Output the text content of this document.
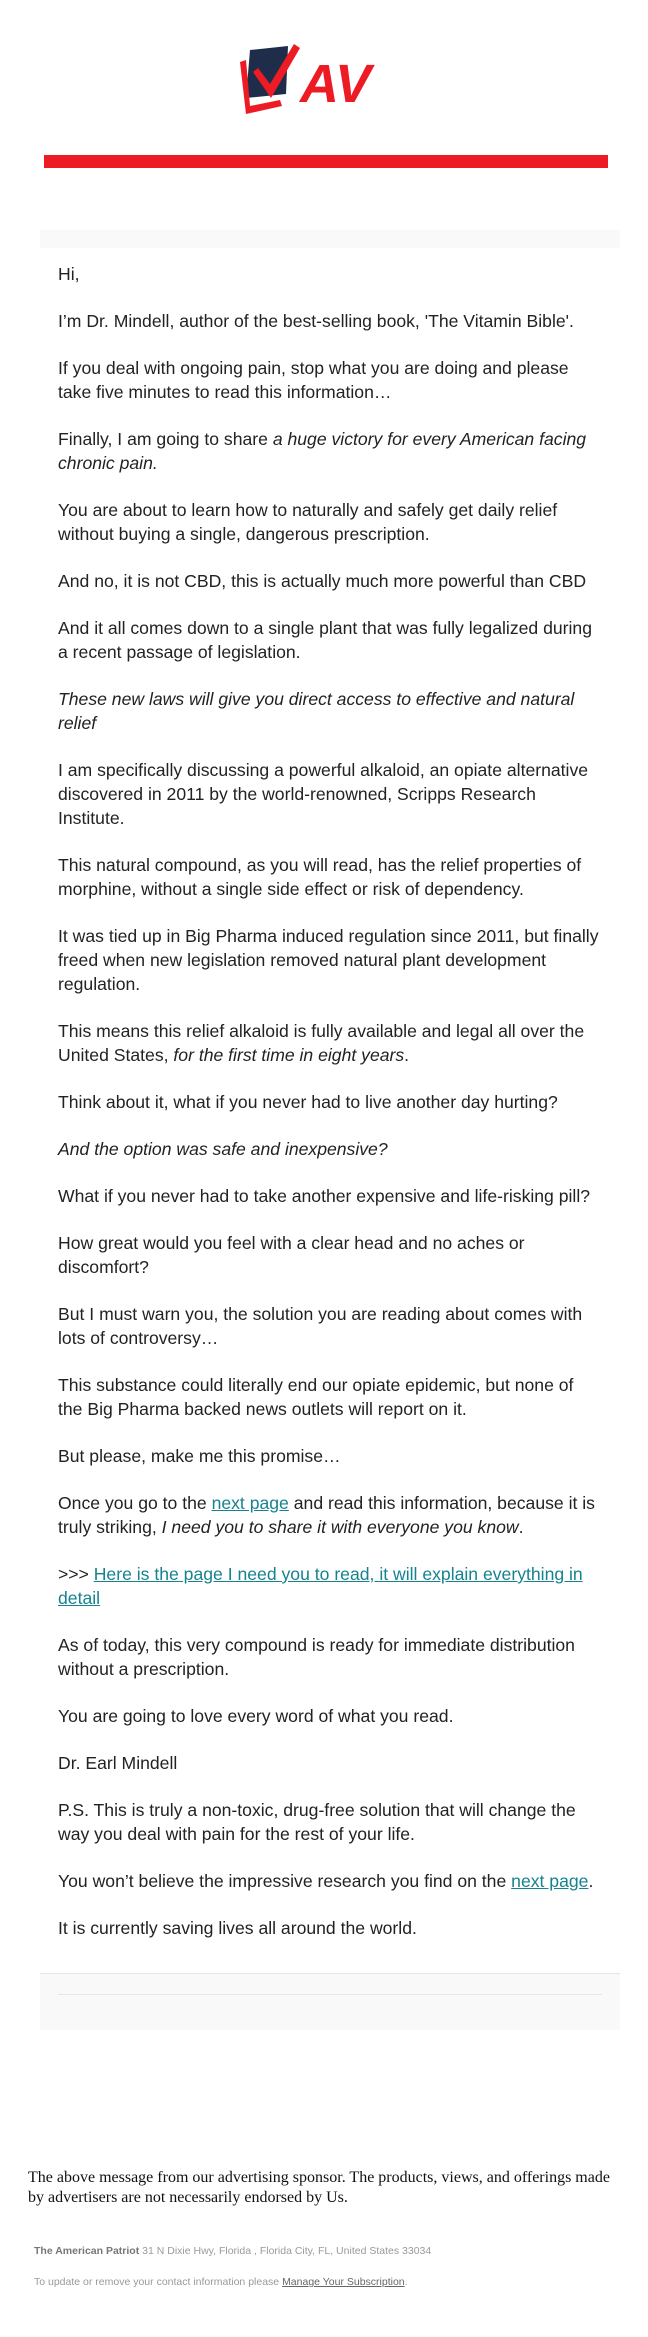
AV

Hi,

I’m Dr. Mindell, author of the best-selling book, 'The Vitamin Bible'.

If you deal with ongoing pain, stop what you are doing and please take five minutes to read this information…

Finally, I am going to share a huge victory for every American facing chronic pain.

You are about to learn how to naturally and safely get daily relief without buying a single, dangerous prescription.

And no, it is not CBD, this is actually much more powerful than CBD

And it all comes down to a single plant that was fully legalized during a recent passage of legislation.

These new laws will give you direct access to effective and natural relief

I am specifically discussing a powerful alkaloid, an opiate alternative discovered in 2011 by the world-renowned, Scripps Research Institute.

This natural compound, as you will read, has the relief properties of morphine, without a single side effect or risk of dependency.

It was tied up in Big Pharma induced regulation since 2011, but finally freed when new legislation removed natural plant development regulation.

This means this relief alkaloid is fully available and legal all over the United States, for the first time in eight years.

Think about it, what if you never had to live another day hurting?

And the option was safe and inexpensive?

What if you never had to take another expensive and life-risking pill?

How great would you feel with a clear head and no aches or discomfort?

But I must warn you, the solution you are reading about comes with lots of controversy…

This substance could literally end our opiate epidemic, but none of the Big Pharma backed news outlets will report on it.

But please, make me this promise…

Once you go to the next page and read this information, because it is truly striking, I need you to share it with everyone you know.

>>> Here is the page I need you to read, it will explain everything in detail

As of today, this very compound is ready for immediate distribution without a prescription.

You are going to love every word of what you read.

Dr. Earl Mindell

P.S. This is truly a non-toxic, drug-free solution that will change the way you deal with pain for the rest of your life.

You won’t believe the impressive research you find on the next page.

It is currently saving lives all around the world.

The above message from our advertising sponsor. The products, views, and offerings made by advertisers are not necessarily endorsed by Us.

The American Patriot 31 N Dixie Hwy, Florida , Florida City, FL, United States 33034

To update or remove your contact information please Manage Your Subscription.
